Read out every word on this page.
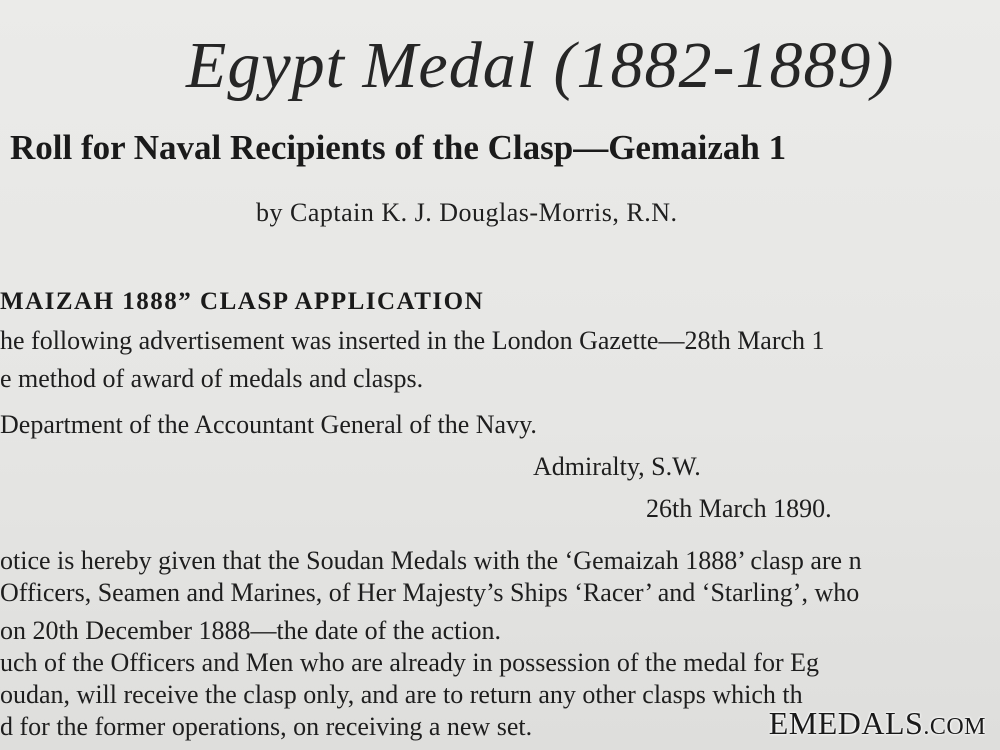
Egypt Medal (1882-1889)
Roll for Naval Recipients of the Clasp—Gemaizah 1
by Captain K. J. Douglas-Morris, R.N.
MAIZAH 1888” CLASP APPLICATION
he following advertisement was inserted in the London Gazette—28th March 1
e method of award of medals and clasps.
Department of the Accountant General of the Navy.
Admiralty, S.W.
26th March 1890.
otice is hereby given that the Soudan Medals with the ‘Gemaizah 1888’ clasp are n
Officers, Seamen and Marines, of Her Majesty’s Ships ‘Racer’ and ‘Starling’, who
on 20th December 1888—the date of the action.
uch of the Officers and Men who are already in possession of the medal for Eg
oudan, will receive the clasp only, and are to return any other clasps which th
d for the former operations, on receiving a new set.	EMEDALS.COM
